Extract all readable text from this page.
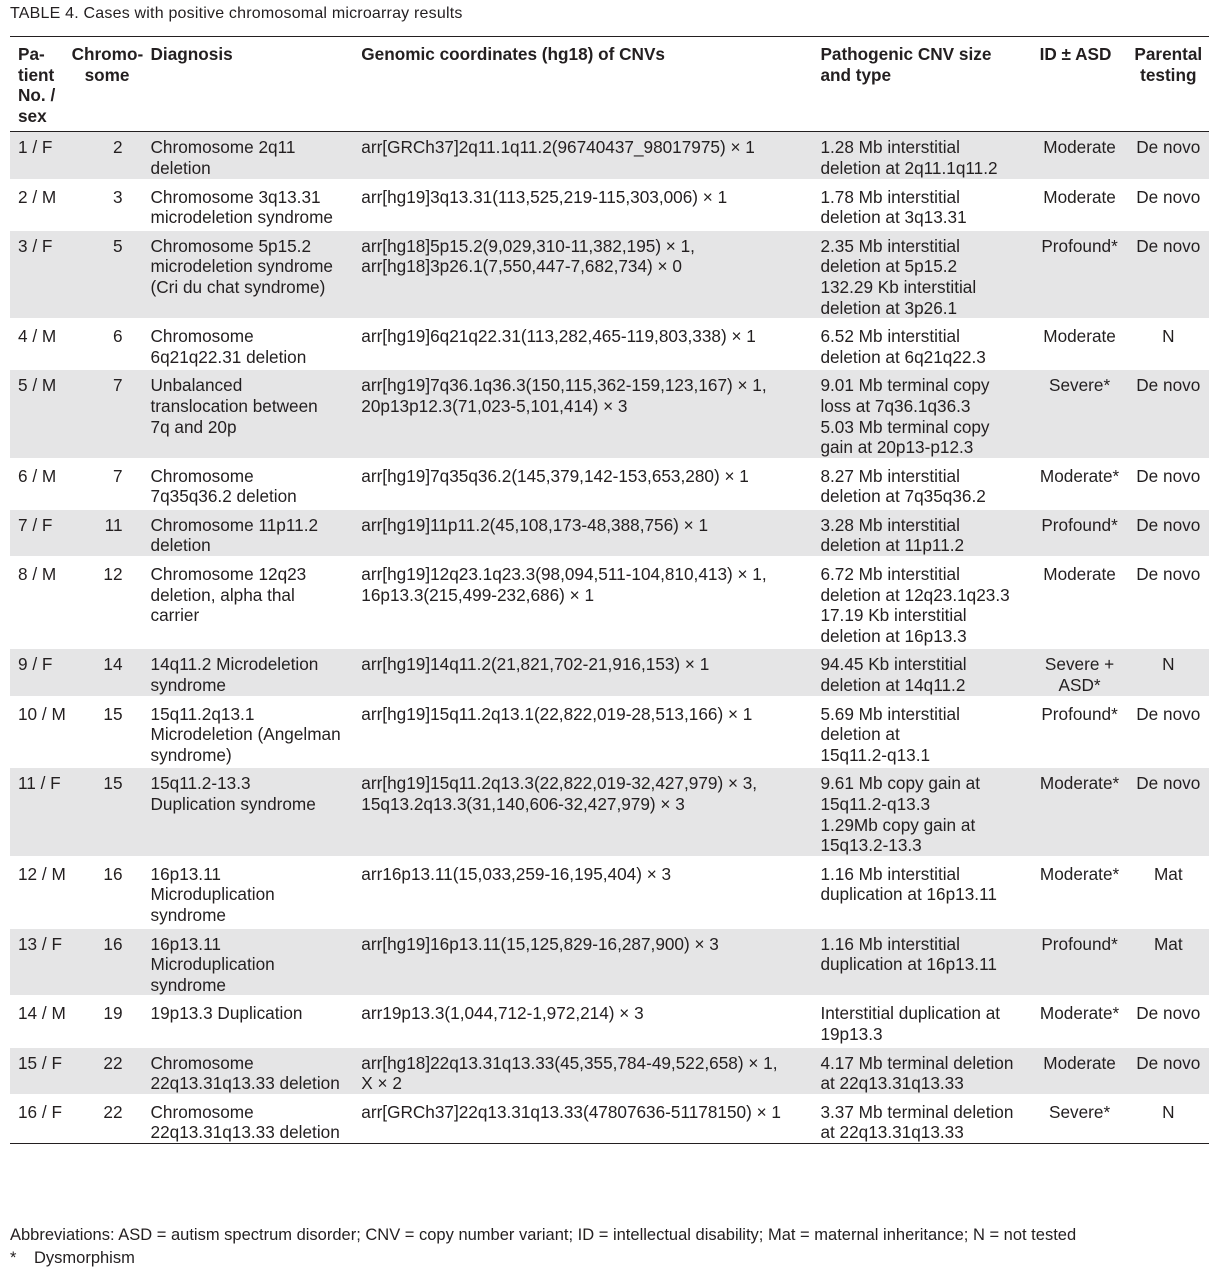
TABLE 4. Cases with positive chromosomal microarray results
Pa-
tient
No. /
sex	Chromo-
some	Diagnosis	Genomic coordinates (hg18) of CNVs	Pathogenic CNV size
and type	ID ± ASD	Parental
testing

1 / F	2	Chromosome 2q11
deletion	arr[GRCh37]2q11.1q11.2(96740437_98017975) × 1	1.28 Mb interstitial
deletion at 2q11.1q11.2	Moderate	De novo

2 / M	3	Chromosome 3q13.31
microdeletion syndrome	arr[hg19]3q13.31(113,525,219-115,303,006) × 1	1.78 Mb interstitial
deletion at 3q13.31	Moderate	De novo

3 / F	5	Chromosome 5p15.2
microdeletion syndrome
(Cri du chat syndrome)	arr[hg18]5p15.2(9,029,310-11,382,195) × 1,
arr[hg18]3p26.1(7,550,447-7,682,734) × 0	2.35 Mb interstitial
deletion at 5p15.2
132.29 Kb interstitial
deletion at 3p26.1	Profound*	De novo

4 / M	6	Chromosome
6q21q22.31 deletion	arr[hg19]6q21q22.31(113,282,465-119,803,338) × 1	6.52 Mb interstitial
deletion at 6q21q22.3	Moderate	N

5 / M	7	Unbalanced
translocation between
7q and 20p	arr[hg19]7q36.1q36.3(150,115,362-159,123,167) × 1,
20p13p12.3(71,023-5,101,414) × 3	9.01 Mb terminal copy
loss at 7q36.1q36.3
5.03 Mb terminal copy
gain at 20p13-p12.3	Severe*	De novo

6 / M	7	Chromosome
7q35q36.2 deletion	arr[hg19]7q35q36.2(145,379,142-153,653,280) × 1	8.27 Mb interstitial
deletion at 7q35q36.2	Moderate*	De novo

7 / F	11	Chromosome 11p11.2
deletion	arr[hg19]11p11.2(45,108,173-48,388,756) × 1	3.28 Mb interstitial
deletion at 11p11.2	Profound*	De novo

8 / M	12	Chromosome 12q23
deletion, alpha thal
carrier	arr[hg19]12q23.1q23.3(98,094,511-104,810,413) × 1,
16p13.3(215,499-232,686) × 1	6.72 Mb interstitial
deletion at 12q23.1q23.3
17.19 Kb interstitial
deletion at 16p13.3	Moderate	De novo

9 / F	14	14q11.2 Microdeletion
syndrome	arr[hg19]14q11.2(21,821,702-21,916,153) × 1	94.45 Kb interstitial
deletion at 14q11.2	Severe +
ASD*	N

10 / M	15	15q11.2q13.1
Microdeletion (Angelman
syndrome)	arr[hg19]15q11.2q13.1(22,822,019-28,513,166) × 1	5.69 Mb interstitial
deletion at
15q11.2-q13.1	Profound*	De novo

11 / F	15	15q11.2-13.3
Duplication syndrome	arr[hg19]15q11.2q13.3(22,822,019-32,427,979) × 3,
15q13.2q13.3(31,140,606-32,427,979) × 3	9.61 Mb copy gain at
15q11.2-q13.3
1.29Mb copy gain at
15q13.2-13.3	Moderate*	De novo

12 / M	16	16p13.11
Microduplication
syndrome	arr16p13.11(15,033,259-16,195,404) × 3	1.16 Mb interstitial
duplication at 16p13.11	Moderate*	Mat

13 / F	16	16p13.11
Microduplication
syndrome	arr[hg19]16p13.11(15,125,829-16,287,900) × 3	1.16 Mb interstitial
duplication at 16p13.11	Profound*	Mat

14 / M	19	19p13.3 Duplication	arr19p13.3(1,044,712-1,972,214) × 3	Interstitial duplication at
19p13.3	Moderate*	De novo

15 / F	22	Chromosome
22q13.31q13.33 deletion	arr[hg18]22q13.31q13.33(45,355,784-49,522,658) × 1,
X × 2	4.17 Mb terminal deletion
at 22q13.31q13.33	Moderate	De novo

16 / F	22	Chromosome
22q13.31q13.33 deletion	arr[GRCh37]22q13.31q13.33(47807636-51178150) × 1	3.37 Mb terminal deletion
at 22q13.31q13.33	Severe*	N
Abbreviations: ASD = autism spectrum disorder; CNV = copy number variant; ID = intellectual disability; Mat = maternal inheritance; N = not tested
* Dysmorphism
